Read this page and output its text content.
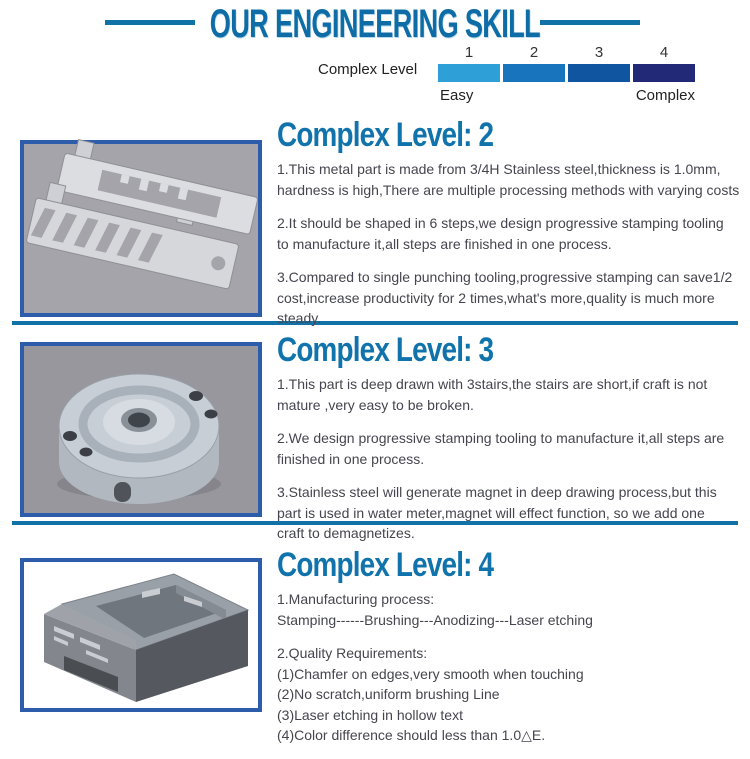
OUR ENGINEERING SKILL
Complex Level
1	2	3	4
Easy	Complex
Complex Level: 2
1.This metal part is made from 3/4H Stainless steel,thickness is 1.0mm,
hardness is high,There are multiple processing methods with varying costs
2.It should be shaped in 6 steps,we design progressive stamping tooling
to manufacture it,all steps are finished in one process.
3.Compared to single punching tooling,progressive stamping can save1/2
cost,increase productivity for 2 times,what's more,quality is much more
steady.
Complex Level: 3
1.This part is deep drawn with 3stairs,the stairs are short,if craft is not
mature ,very easy to be broken.
2.We design progressive stamping tooling to manufacture it,all steps are
finished in one process.
3.Stainless steel will generate magnet in deep drawing process,but this
part is used in water meter,magnet will effect function, so we add one
craft to demagnetizes.
Complex Level: 4
1.Manufacturing process:
Stamping------Brushing---Anodizing---Laser etching
2.Quality Requirements:
(1)Chamfer on edges,very smooth when touching
(2)No scratch,uniform brushing Line
(3)Laser etching in hollow text
(4)Color difference should less than 1.0△E.
